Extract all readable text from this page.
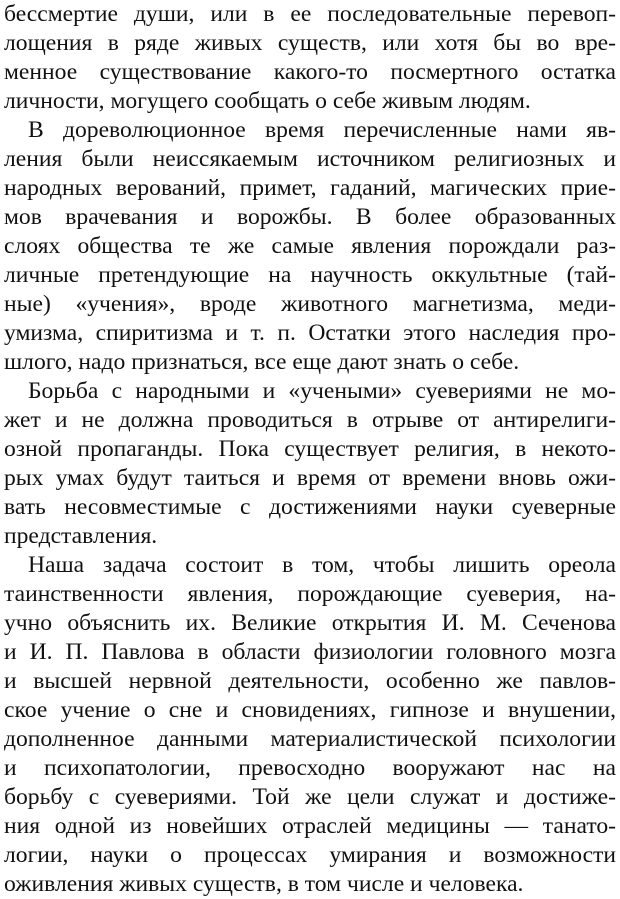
бессмертие души, или в ее последовательные перевоп-
лощения в ряде живых существ, или хотя бы во вре-
менное существование какого-то посмертного остатка
личности, могущего сообщать о себе живым людям.
В дореволюционное время перечисленные нами яв-
ления были неиссякаемым источником религиозных и
народных верований, примет, гаданий, магических прие-
мов врачевания и ворожбы. В более образованных
слоях общества те же самые явления порождали раз-
личные претендующие на научность оккультные (тай-
ные) «учения», вроде животного магнетизма, меди-
умизма, спиритизма и т. п. Остатки этого наследия про-
шлого, надо признаться, все еще дают знать о себе.
Борьба с народными и «учеными» суевериями не мо-
жет и не должна проводиться в отрыве от антирелиги-
озной пропаганды. Пока существует религия, в некото-
рых умах будут таиться и время от времени вновь ожи-
вать несовместимые с достижениями науки суеверные
представления.
Наша задача состоит в том, чтобы лишить ореола
таинственности явления, порождающие суеверия, на-
учно объяснить их. Великие открытия И. М. Сеченова
и И. П. Павлова в области физиологии головного мозга
и высшей нервной деятельности, особенно же павлов-
ское учение о сне и сновидениях, гипнозе и внушении,
дополненное данными материалистической психологии
и психопатологии, превосходно вооружают нас на
борьбу с суевериями. Той же цели служат и достиже-
ния одной из новейших отраслей медицины — танато-
логии, науки о процессах умирания и возможности
оживления живых существ, в том числе и человека.
